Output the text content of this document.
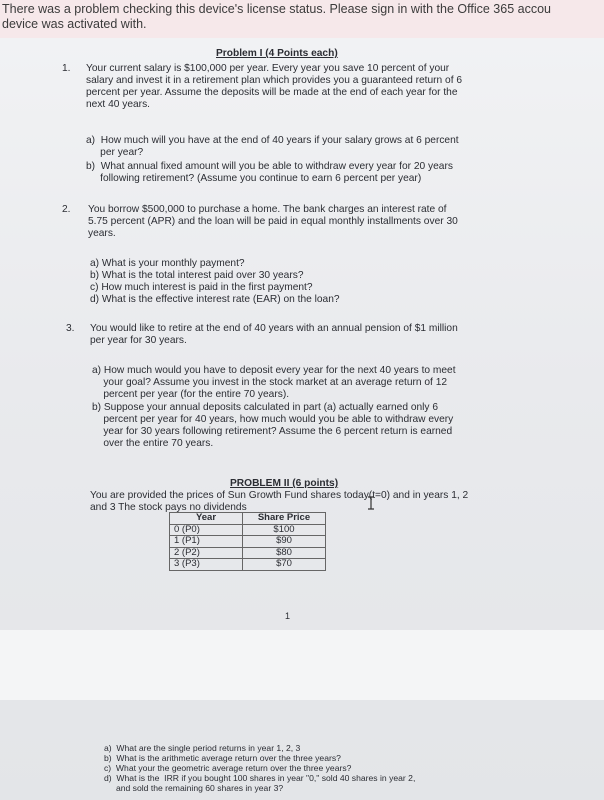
There was a problem checking this device's license status. Please sign in with the Office 365 accou
device was activated with.
Problem I (4 Points each)
1. Your current salary is $100,000 per year. Every year you save 10 percent of your
salary and invest it in a retirement plan which provides you a guaranteed return of 6
percent per year. Assume the deposits will be made at the end of each year for the
next 40 years.
a)  How much will you have at the end of 40 years if your salary grows at 6 percent
per year?
b)  What annual fixed amount will you be able to withdraw every year for 20 years
following retirement? (Assume you continue to earn 6 percent per year)
2. You borrow $500,000 to purchase a home. The bank charges an interest rate of
5.75 percent (APR) and the loan will be paid in equal monthly installments over 30
years.
a) What is your monthly payment?
b) What is the total interest paid over 30 years?
c) How much interest is paid in the first payment?
d) What is the effective interest rate (EAR) on the loan?
3. You would like to retire at the end of 40 years with an annual pension of $1 million
per year for 30 years.
a) How much would you have to deposit every year for the next 40 years to meet
your goal? Assume you invest in the stock market at an average return of 12
percent per year (for the entire 70 years).
b) Suppose your annual deposits calculated in part (a) actually earned only 6
percent per year for 40 years, how much would you be able to withdraw every
year for 30 years following retirement? Assume the 6 percent return is earned
over the entire 70 years.
PROBLEM II (6 points)
You are provided the prices of Sun Growth Fund shares today(t=0) and in years 1, 2
and 3 The stock pays no dividends
Year	Share Price
0 (P0)	$100
1 (P1)	$90
2 (P2)	$80
3 (P3)	$70
1
a)  What are the single period returns in year 1, 2, 3
b)  What is the arithmetic average return over the three years?
c)  What your the geometric average return over the three years?
d)  What is the  IRR if you bought 100 shares in year "0," sold 40 shares in year 2,
and sold the remaining 60 shares in year 3?
